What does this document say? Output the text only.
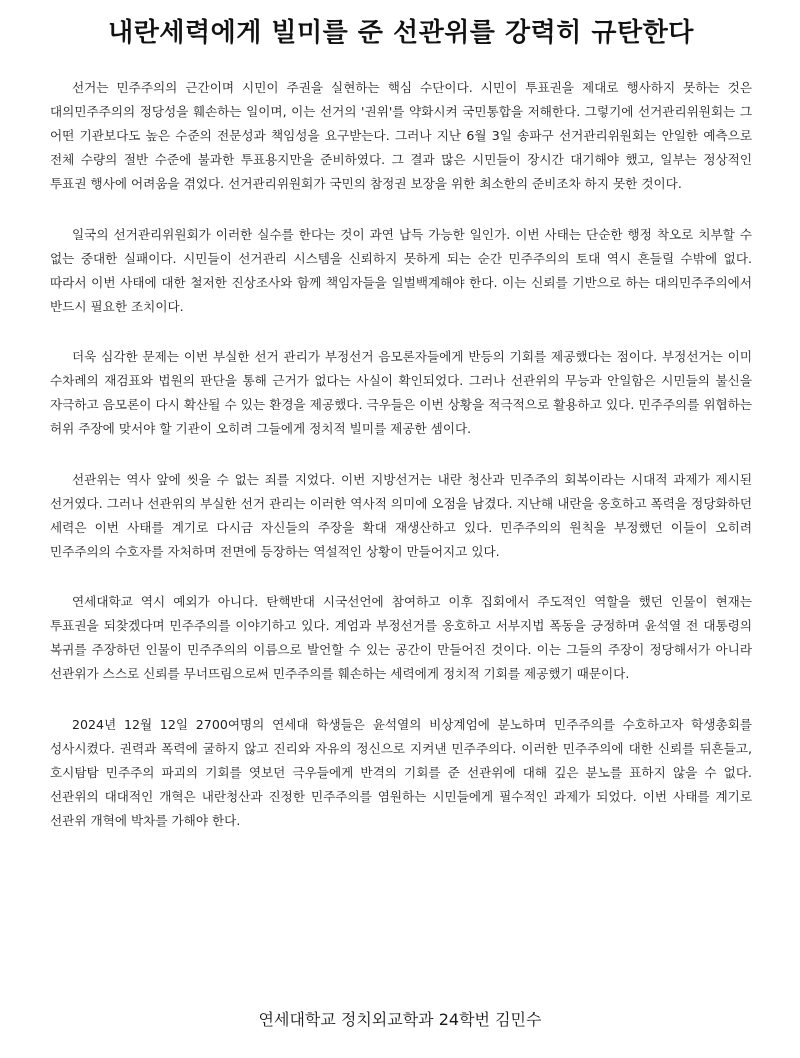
내란세력에게 빌미를 준 선관위를 강력히 규탄한다

선거는 민주주의의 근간이며 시민이 주권을 실현하는 핵심 수단이다. 시민이 투표권을 제대로 행사하지 못하는 것은 대의민주주의의 정당성을 훼손하는 일이며, 이는 선거의 '권위'를 약화시켜 국민통합을 저해한다. 그렇기에 선거관리위원회는 그 어떤 기관보다도 높은 수준의 전문성과 책임성을 요구받는다. 그러나 지난 6월 3일 송파구 선거관리위원회는 안일한 예측으로 전체 수량의 절반 수준에 불과한 투표용지만을 준비하였다. 그 결과 많은 시민들이 장시간 대기해야 했고, 일부는 정상적인 투표권 행사에 어려움을 겪었다. 선거관리위원회가 국민의 참정권 보장을 위한 최소한의 준비조차 하지 못한 것이다.

일국의 선거관리위원회가 이러한 실수를 한다는 것이 과연 납득 가능한 일인가. 이번 사태는 단순한 행정 착오로 치부할 수 없는 중대한 실패이다. 시민들이 선거관리 시스템을 신뢰하지 못하게 되는 순간 민주주의의 토대 역시 흔들릴 수밖에 없다. 따라서 이번 사태에 대한 철저한 진상조사와 함께 책임자들을 일벌백계해야 한다. 이는 신뢰를 기반으로 하는 대의민주주의에서 반드시 필요한 조치이다.

더욱 심각한 문제는 이번 부실한 선거 관리가 부정선거 음모론자들에게 반등의 기회를 제공했다는 점이다. 부정선거는 이미 수차례의 재검표와 법원의 판단을 통해 근거가 없다는 사실이 확인되었다. 그러나 선관위의 무능과 안일함은 시민들의 불신을 자극하고 음모론이 다시 확산될 수 있는 환경을 제공했다. 극우들은 이번 상황을 적극적으로 활용하고 있다. 민주주의를 위협하는 허위 주장에 맞서야 할 기관이 오히려 그들에게 정치적 빌미를 제공한 셈이다.

선관위는 역사 앞에 씻을 수 없는 죄를 지었다. 이번 지방선거는 내란 청산과 민주주의 회복이라는 시대적 과제가 제시된 선거였다. 그러나 선관위의 부실한 선거 관리는 이러한 역사적 의미에 오점을 남겼다. 지난해 내란을 옹호하고 폭력을 정당화하던 세력은 이번 사태를 계기로 다시금 자신들의 주장을 확대 재생산하고 있다. 민주주의의 원칙을 부정했던 이들이 오히려 민주주의의 수호자를 자처하며 전면에 등장하는 역설적인 상황이 만들어지고 있다.

연세대학교 역시 예외가 아니다. 탄핵반대 시국선언에 참여하고 이후 집회에서 주도적인 역할을 했던 인물이 현재는 투표권을 되찾겠다며 민주주의를 이야기하고 있다. 계엄과 부정선거를 옹호하고 서부지법 폭동을 긍정하며 윤석열 전 대통령의 복귀를 주장하던 인물이 민주주의의 이름으로 발언할 수 있는 공간이 만들어진 것이다. 이는 그들의 주장이 정당해서가 아니라 선관위가 스스로 신뢰를 무너뜨림으로써 민주주의를 훼손하는 세력에게 정치적 기회를 제공했기 때문이다.

2024년 12월 12일 2700여명의 연세대 학생들은 윤석열의 비상계엄에 분노하며 민주주의를 수호하고자 학생총회를 성사시켰다. 권력과 폭력에 굴하지 않고 진리와 자유의 정신으로 지켜낸 민주주의다. 이러한 민주주의에 대한 신뢰를 뒤흔들고, 호시탐탐 민주주의 파괴의 기회를 엿보던 극우들에게 반격의 기회를 준 선관위에 대해 깊은 분노를 표하지 않을 수 없다. 선관위의 대대적인 개혁은 내란청산과 진정한 민주주의를 염원하는 시민들에게 필수적인 과제가 되었다. 이번 사태를 계기로 선관위 개혁에 박차를 가해야 한다.

연세대학교 정치외교학과 24학번 김민수
